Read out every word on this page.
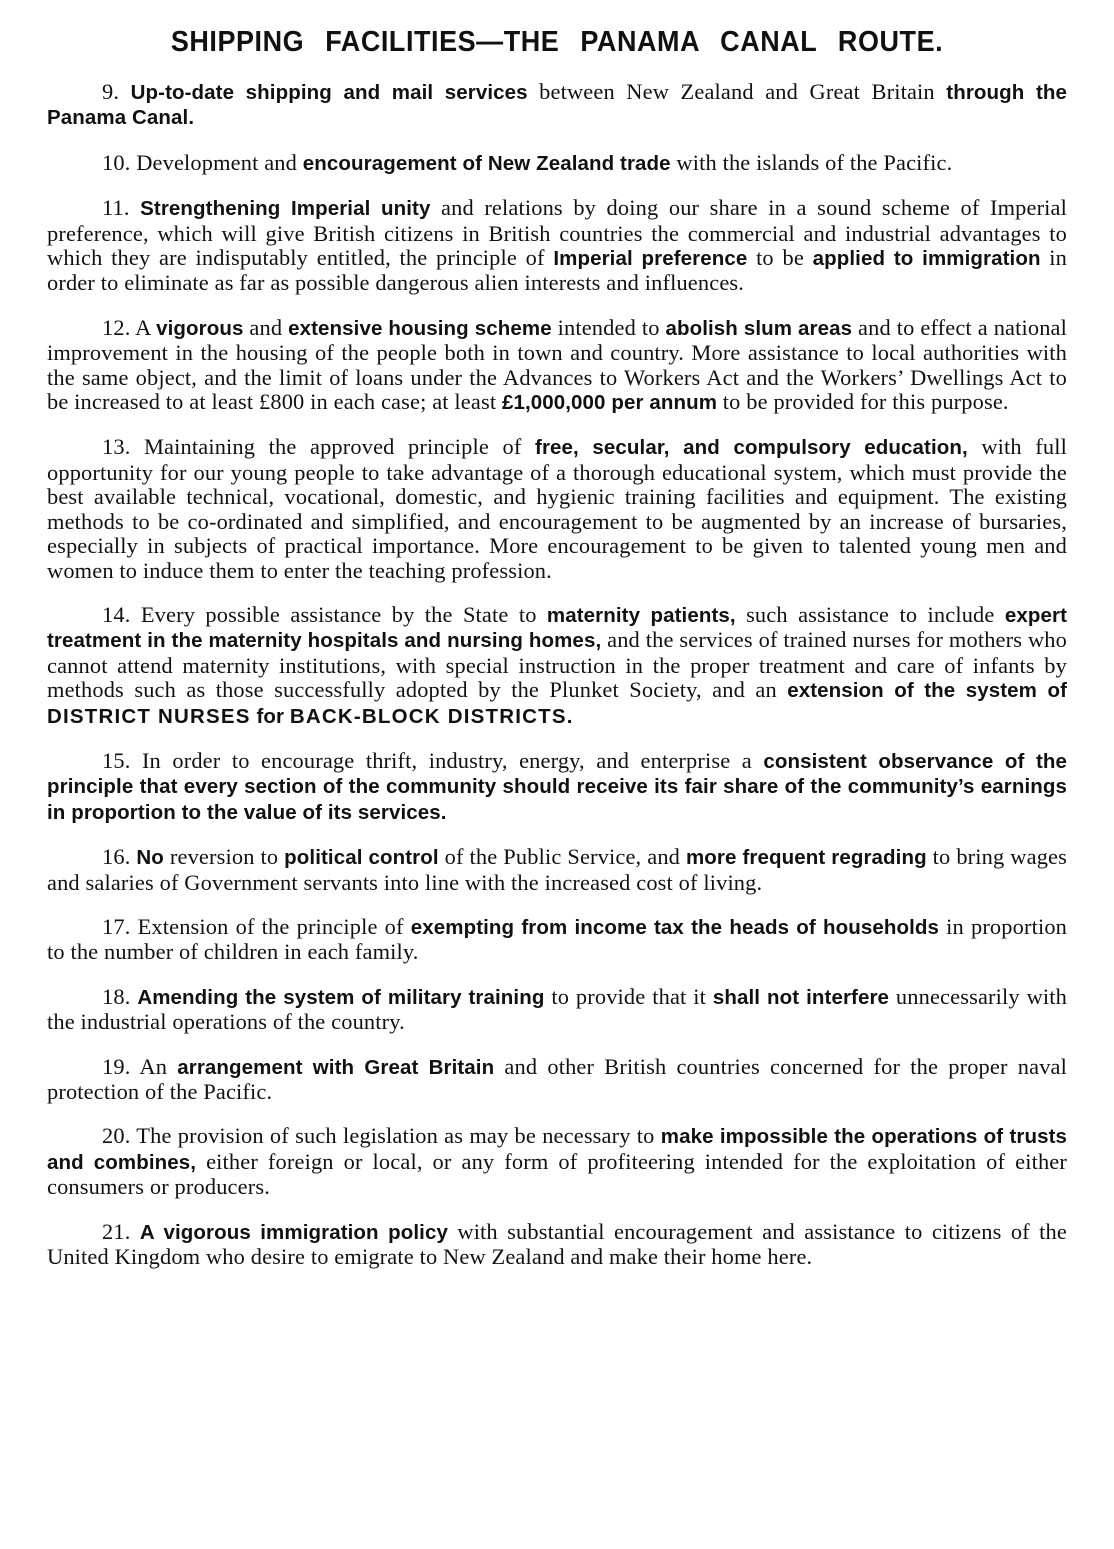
SHIPPING FACILITIES—THE PANAMA CANAL ROUTE.

9. Up-to-date shipping and mail services between New Zealand and Great Britain through the Panama Canal.

10. Development and encouragement of New Zealand trade with the islands of the Pacific.

11. Strengthening Imperial unity and relations by doing our share in a sound scheme of Imperial preference, which will give British citizens in British countries the commercial and industrial advantages to which they are indisputably entitled, the principle of Imperial preference to be applied to immigration in order to eliminate as far as possible dangerous alien interests and influences.

12. A vigorous and extensive housing scheme intended to abolish slum areas and to effect a national improvement in the housing of the people both in town and country. More assistance to local authorities with the same object, and the limit of loans under the Advances to Workers Act and the Workers’ Dwellings Act to be increased to at least £800 in each case; at least £1,000,000 per annum to be provided for this purpose.

13. Maintaining the approved principle of free, secular, and compulsory education, with full opportunity for our young people to take advantage of a thorough educational system, which must provide the best available technical, vocational, domestic, and hygienic training facilities and equipment. The existing methods to be co-ordinated and simplified, and encouragement to be augmented by an increase of bursaries, especially in subjects of practical importance. More encouragement to be given to talented young men and women to induce them to enter the teaching profession.

14. Every possible assistance by the State to maternity patients, such assistance to include expert treatment in the maternity hospitals and nursing homes, and the services of trained nurses for mothers who cannot attend maternity institutions, with special instruction in the proper treatment and care of infants by methods such as those successfully adopted by the Plunket Society, and an extension of the system of DISTRICT NURSES for BACK-BLOCK DISTRICTS.

15. In order to encourage thrift, industry, energy, and enterprise a consistent observance of the principle that every section of the community should receive its fair share of the community’s earnings in proportion to the value of its services.

16. No reversion to political control of the Public Service, and more frequent regrading to bring wages and salaries of Government servants into line with the increased cost of living.

17. Extension of the principle of exempting from income tax the heads of households in proportion to the number of children in each family.

18. Amending the system of military training to provide that it shall not interfere unnecessarily with the industrial operations of the country.

19. An arrangement with Great Britain and other British countries concerned for the proper naval protection of the Pacific.

20. The provision of such legislation as may be necessary to make impossible the operations of trusts and combines, either foreign or local, or any form of profiteering intended for the exploitation of either consumers or producers.

21. A vigorous immigration policy with substantial encouragement and assistance to citizens of the United Kingdom who desire to emigrate to New Zealand and make their home here.
